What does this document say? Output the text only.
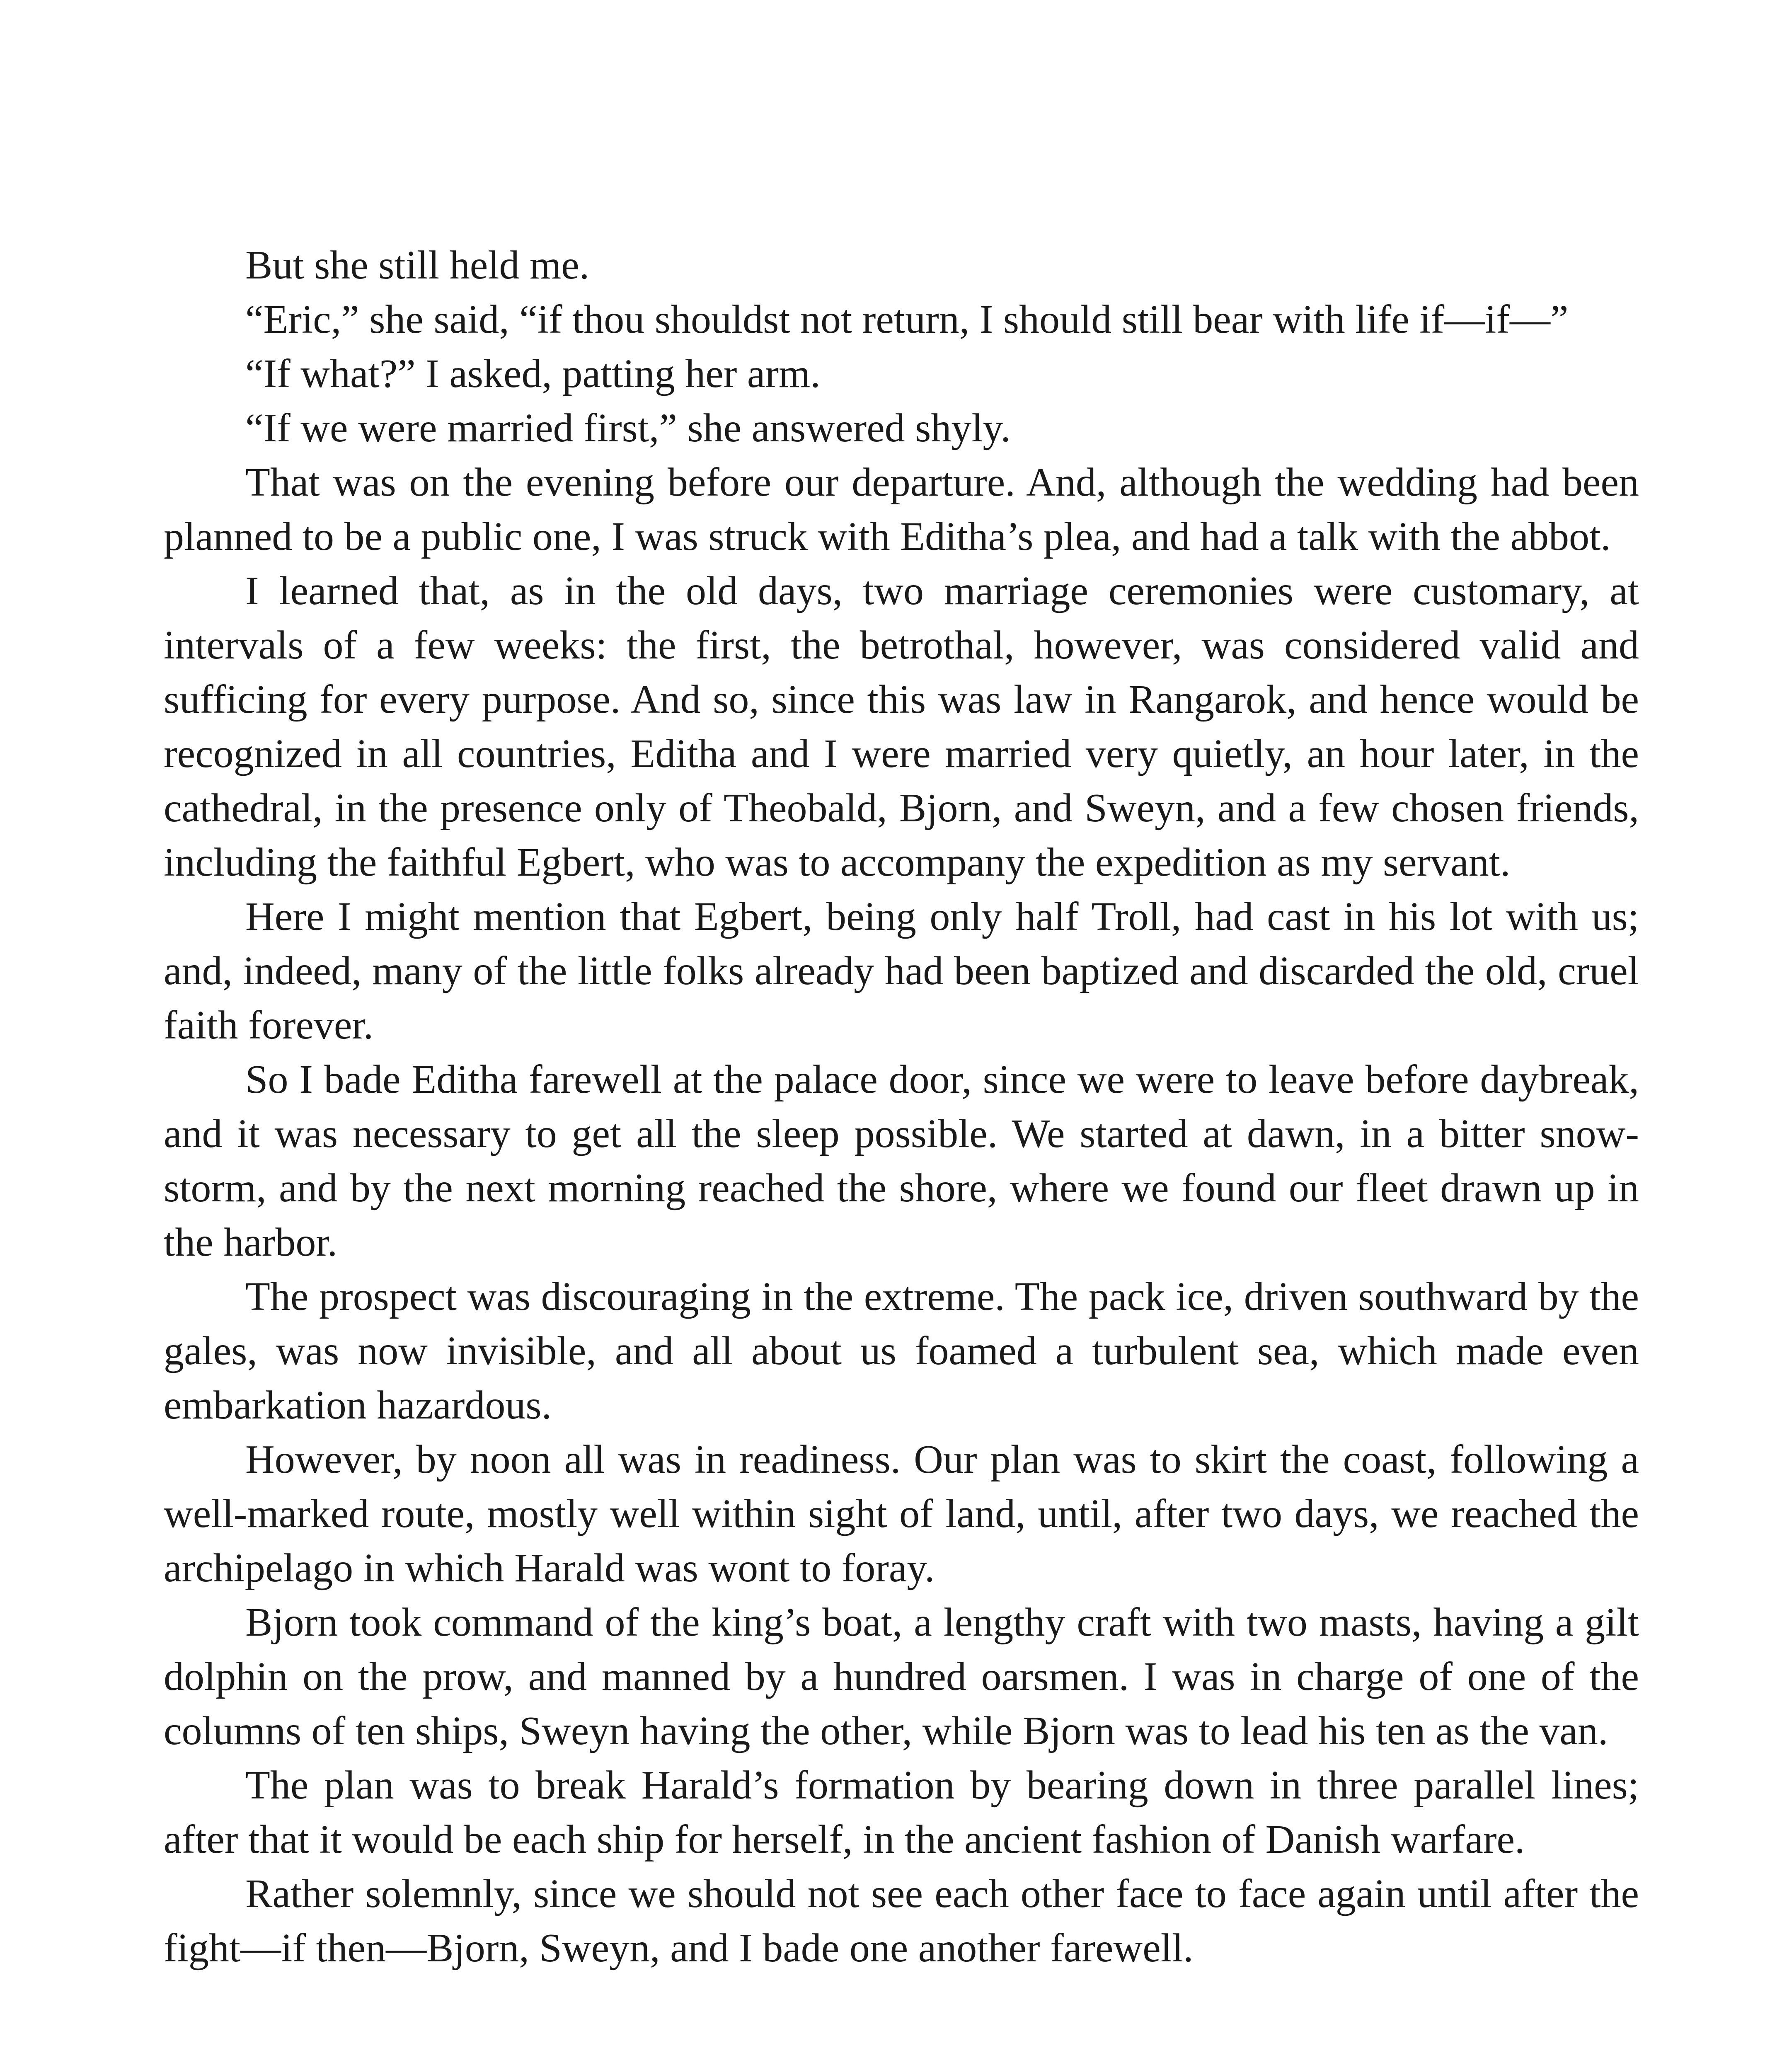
But she still held me.

“Eric,” she said, “if thou shouldst not return, I should still bear with life if—if—”

“If what?” I asked, patting her arm.

“If we were married first,” she answered shyly.

That was on the evening before our departure. And, although the wedding had been planned to be a public one, I was struck with Editha’s plea, and had a talk with the abbot.

I learned that, as in the old days, two marriage ceremonies were customary, at intervals of a few weeks: the first, the betrothal, however, was considered valid and sufficing for every purpose. And so, since this was law in Rangarok, and hence would be recognized in all countries, Editha and I were married very quietly, an hour later, in the cathedral, in the presence only of Theobald, Bjorn, and Sweyn, and a few chosen friends, including the faithful Egbert, who was to accompany the expedition as my servant.

Here I might mention that Egbert, being only half Troll, had cast in his lot with us; and, indeed, many of the little folks already had been baptized and discarded the old, cruel faith forever.

So I bade Editha farewell at the palace door, since we were to leave before daybreak, and it was necessary to get all the sleep possible. We started at dawn, in a bitter snow-storm, and by the next morning reached the shore, where we found our fleet drawn up in the harbor.

The prospect was discouraging in the extreme. The pack ice, driven southward by the gales, was now invisible, and all about us foamed a turbulent sea, which made even embarkation hazardous.

However, by noon all was in readiness. Our plan was to skirt the coast, following a well-marked route, mostly well within sight of land, until, after two days, we reached the archipelago in which Harald was wont to foray.

Bjorn took command of the king’s boat, a lengthy craft with two masts, having a gilt dolphin on the prow, and manned by a hundred oarsmen. I was in charge of one of the columns of ten ships, Sweyn having the other, while Bjorn was to lead his ten as the van.

The plan was to break Harald’s formation by bearing down in three parallel lines; after that it would be each ship for herself, in the ancient fashion of Danish warfare.

Rather solemnly, since we should not see each other face to face again until after the fight—if then—Bjorn, Sweyn, and I bade one another farewell.
